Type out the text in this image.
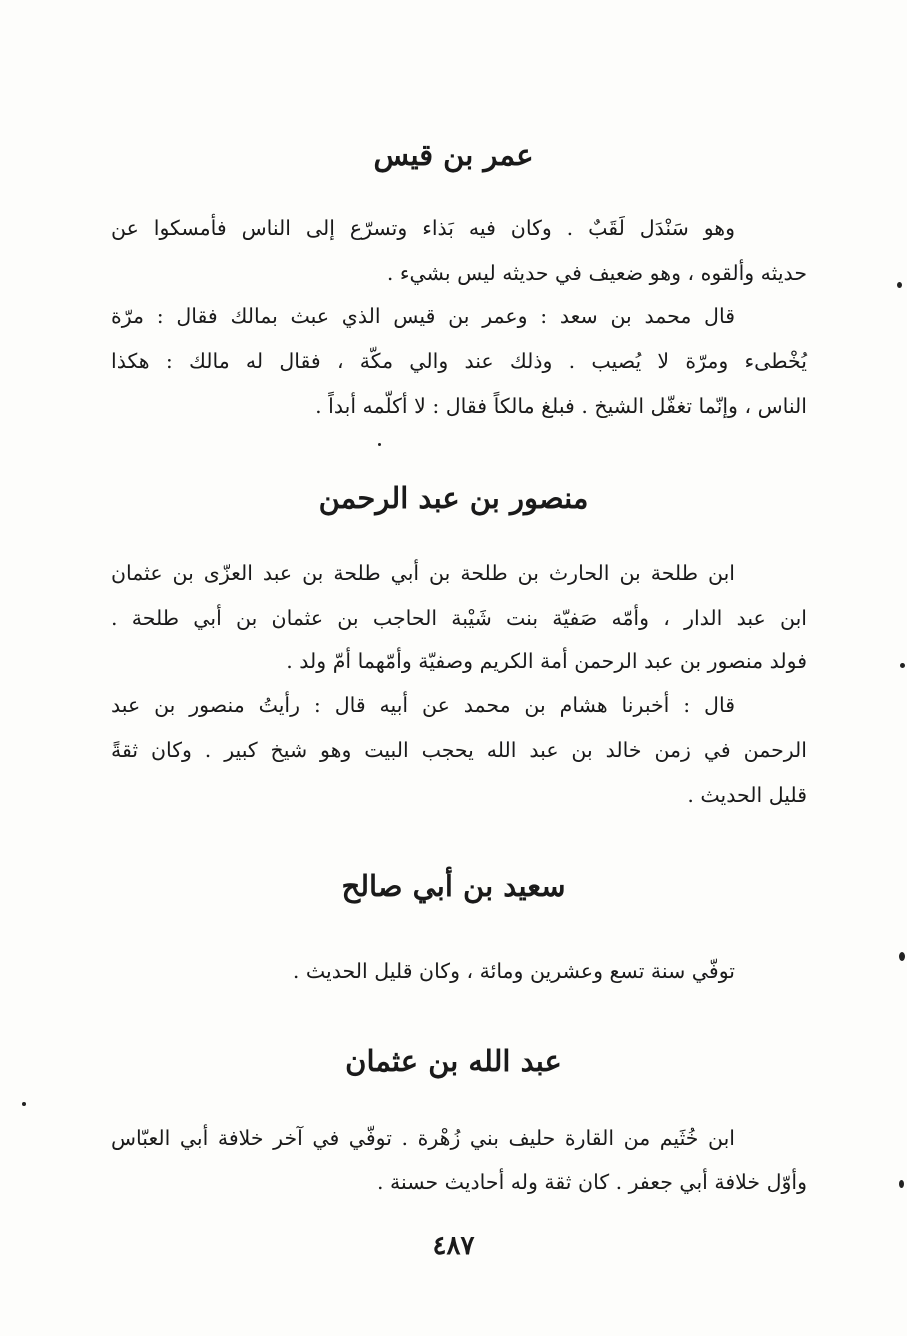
عمر بن قيس

وهو سَنْدَل لَقَبٌ . وكان فيه بَذاء وتسرّع إلى الناس فأمسكوا عن

حديثه وألقوه ، وهو ضعيف في حديثه ليس بشيء .

قال محمد بن سعد : وعمر بن قيس الذي عبث بمالك فقال : مرّة

يُخْطىء ومرّة لا يُصيب . وذلك عند والي مكّة ، فقال له مالك : هكذا

الناس ، وإنّما تغفّل الشيخ . فبلغ مالكاً فقال : لا أكلّمه أبداً .

منصور بن عبد الرحمن

ابن طلحة بن الحارث بن طلحة بن أبي طلحة بن عبد العزّى بن عثمان

ابن عبد الدار ، وأمّه صَفيّة بنت شَيْبة الحاجب بن عثمان بن أبي طلحة .

فولد منصور بن عبد الرحمن أمة الكريم وصفيّة وأمّهما أمّ ولد .

قال : أخبرنا هشام بن محمد عن أبيه قال : رأيتُ منصور بن عبد

الرحمن في زمن خالد بن عبد الله يحجب البيت وهو شيخ كبير . وكان ثقةً

قليل الحديث .

سعيد بن أبي صالح

توفّي سنة تسع وعشرين ومائة ، وكان قليل الحديث .

عبد الله بن عثمان

ابن خُثَيم من القارة حليف بني زُهْرة . توفّي في آخر خلافة أبي العبّاس

وأوّل خلافة أبي جعفر . كان ثقة وله أحاديث حسنة .

٤٨٧
